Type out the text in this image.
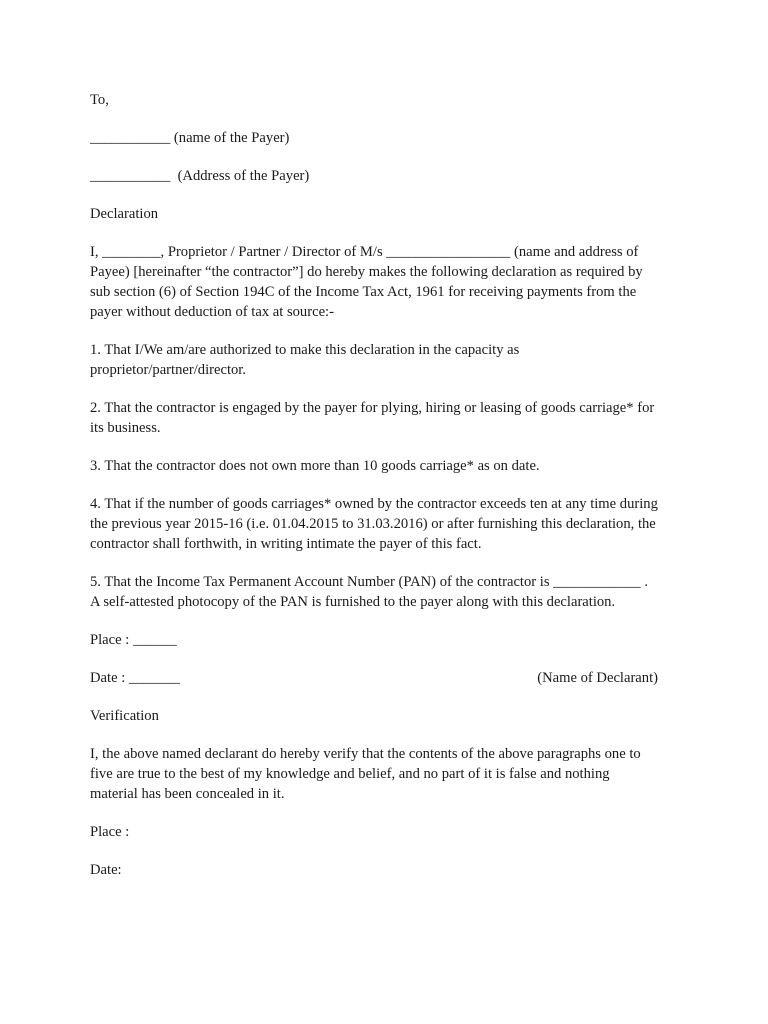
To,

___________ (name of the Payer)

___________  (Address of the Payer)

Declaration

I, ________, Proprietor / Partner / Director of M/s _________________ (name and address of
Payee) [hereinafter “the contractor”] do hereby makes the following declaration as required by
sub section (6) of Section 194C of the Income Tax Act, 1961 for receiving payments from the
payer without deduction of tax at source:-

1. That I/We am/are authorized to make this declaration in the capacity as
proprietor/partner/director.

2. That the contractor is engaged by the payer for plying, hiring or leasing of goods carriage* for
its business.

3. That the contractor does not own more than 10 goods carriage* as on date.

4. That if the number of goods carriages* owned by the contractor exceeds ten at any time during
the previous year 2015-16 (i.e. 01.04.2015 to 31.03.2016) or after furnishing this declaration, the
contractor shall forthwith, in writing intimate the payer of this fact.

5. That the Income Tax Permanent Account Number (PAN) of the contractor is ____________ .
A self-attested photocopy of the PAN is furnished to the payer along with this declaration.

Place : ______

Date : _______	(Name of Declarant)

Verification

I, the above named declarant do hereby verify that the contents of the above paragraphs one to
five are true to the best of my knowledge and belief, and no part of it is false and nothing
material has been concealed in it.

Place :

Date:
